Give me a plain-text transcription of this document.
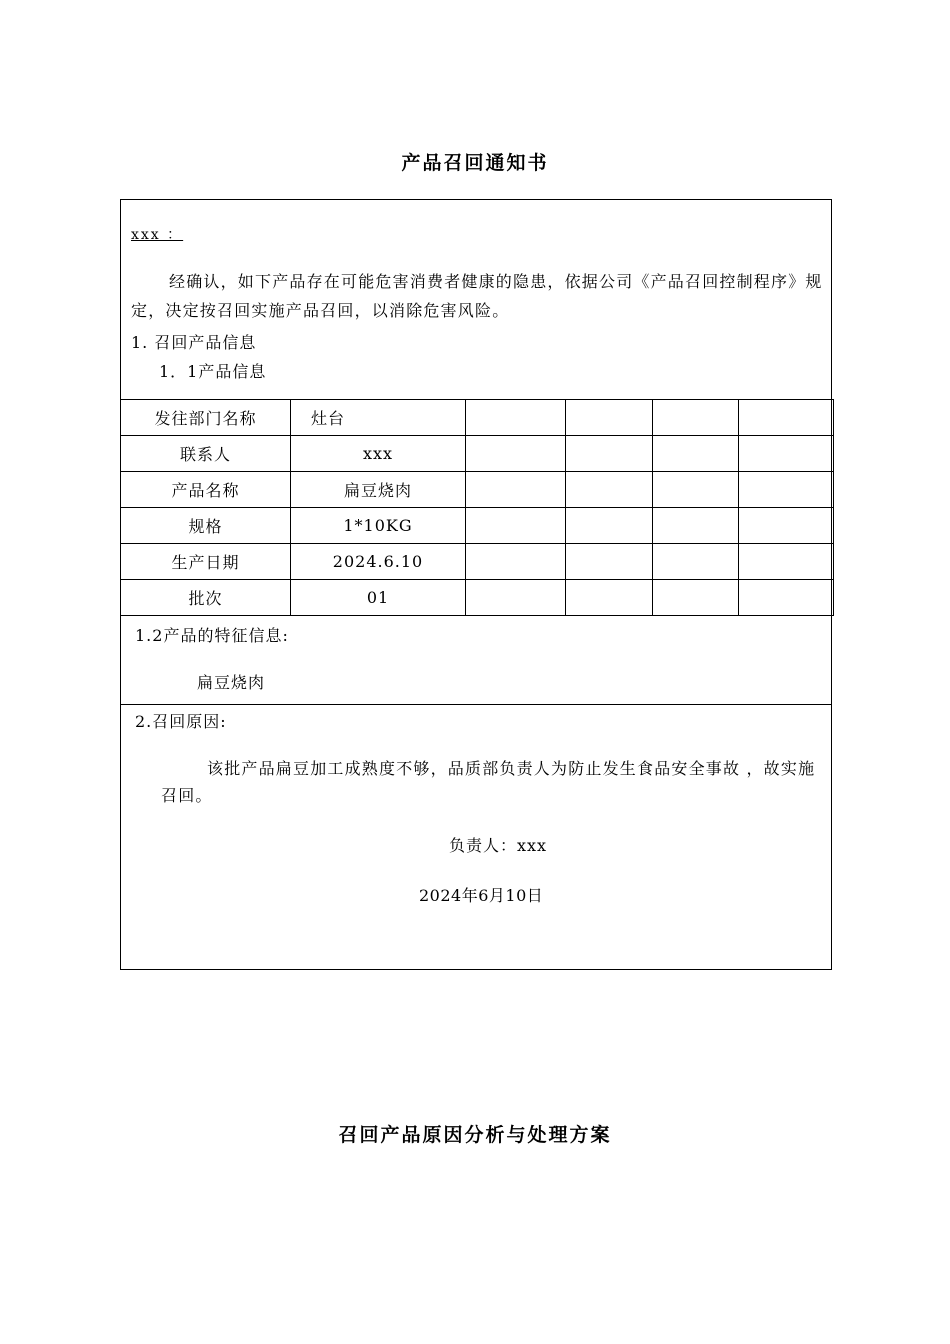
产品召回通知书
xxx ：
经确认，如下产品存在可能危害消费者健康的隐患，依据公司《产品召回控制程序》规定，决定按召回实施产品召回，以消除危害风险。
1. 召回产品信息
1．1产品信息
发往部门名称	灶台				
联系人	xxx				
产品名称	扁豆烧肉				
规格	1*10KG				
生产日期	2024.6.10				
批次	01				
1.2产品的特征信息:
扁豆烧肉
2.召回原因:
该批产品扁豆加工成熟度不够，品质部负责人为防止发生食品安全事故 ，故实施召回。
负责人：xxx
2024年6月10日
召回产品原因分析与处理方案
